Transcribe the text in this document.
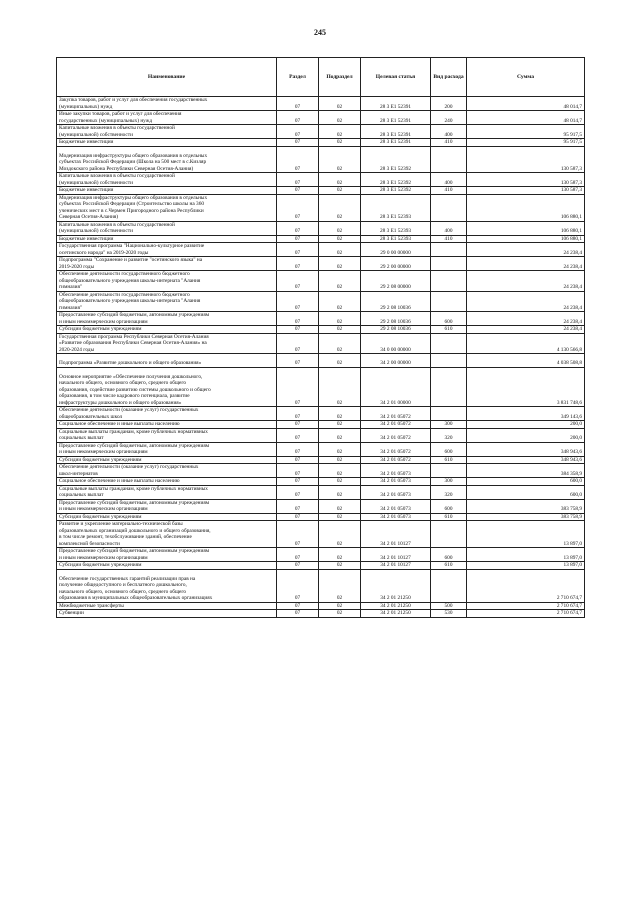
245
Наименование	Раздел	Подраздел	Целевая статья	Вид расхода	Сумма

Закупка товаров, работ и услуг для обеспечения государственных
(муниципальных) нужд	07	02	28 3 E1 52391	200	48 014,7

Иные закупки товаров, работ и услуг для обеспечения
государственных (муниципальных) нужд	07	02	28 3 E1 52391	240	48 014,7

Капитальные вложения в объекты государственной
(муниципальной) собственности	07	02	28 3 E1 52391	400	95 917,5

Бюджетные инвестиции	07	02	28 3 E1 52391	410	95 917,5

Модернизация инфраструктуры общего образования в отдельных
субъектах Российской Федерации (Школа на 500 мест в с.Кизляр
Моздокского района Республики Северная Осетия-Алания)	07	02	28 3 E1 52392		130 587,3

Капитальные вложения в объекты государственной
(муниципальной) собственности	07	02	28 3 E1 52392	400	130 587,3

Бюджетные инвестиции	07	02	28 3 E1 52392	410	130 587,3

Модернизация инфраструктуры общего образования в отдельных
субъектах Российской Федерации (Строительство школы на 360
ученических мест в с.Чермен Пригородного района Республики
Северная Осетия-Алания)	07	02	28 3 E1 52393		106 880,1

Капитальные вложения в объекты государственной
(муниципальной) собственности	07	02	28 3 E1 52393	400	106 880,1

Бюджетные инвестиции	07	02	28 3 E1 52393	410	106 880,1

Государственная программа "Национально-культурное развитие
осетинского народа" на 2019-2020 годы	07	02	29 0 00 00000		24 238,4

Подпрограмма "Сохранение и развитие "осетинского языка" на
2019-2020 годы	07	02	29 2 00 00000		24 238,4

Обеспечение деятельности государственного бюджетного
общеобразовательного учреждения школы-интерната "Алания
гимназия"	07	02	29 2 08 00000		24 238,4

Обеспечение деятельности государственного бюджетного
общеобразовательного учреждения школы-интерната "Алания
гимназия"	07	02	29 2 08 10036		24 238,4

Предоставление субсидий бюджетным, автономным учреждениям
и иным некоммерческим организациям	07	02	29 2 08 10036	600	24 238,4

Субсидии бюджетным учреждениям	07	02	29 2 08 10036	610	24 238,4

Государственная программа Республики Северная Осетия-Алания
«Развитие образования Республики Северная Осетия-Алания» на
2020-2024 годы	07	02	34 0 00 00000		4 130 566,8

Подпрограмма «Развитие дошкольного и общего образования»	07	02	34 2 00 00000		4 038 508,8

Основное мероприятие «Обеспечение получения дошкольного,
начального общего, основного общего, среднего общего
образования, содействие развитию системы дошкольного и общего
образования, в том числе кадрового потенциала, развитие
инфраструктуры дошкольного и общего образования»	07	02	34 2 01 00000		3 831 748,6

Обеспечение деятельности (оказание услуг) государственных
общеобразовательных школ	07	02	34 2 01 05072		349 143,6

Социальное обеспечение и иные выплаты населению	07	02	34 2 01 05072	300	200,0

Социальные выплаты гражданам, кроме публичных нормативных
социальных выплат	07	02	34 2 01 05072	320	200,0

Предоставление субсидий бюджетным, автономным учреждениям
и иным некоммерческим организациям	07	02	34 2 01 05072	600	348 943,6

Субсидии бюджетным учреждениям	07	02	34 2 01 05072	610	348 943,6

Обеспечение деятельности (оказание услуг) государственных
школ-интернатов	07	02	34 2 01 05073		384 358,9

Социальное обеспечение и иные выплаты населению	07	02	34 2 01 05073	300	600,0

Социальные выплаты гражданам, кроме публичных нормативных
социальных выплат	07	02	34 2 01 05073	320	600,0

Предоставление субсидий бюджетным, автономным учреждениям
и иным некоммерческим организациям	07	02	34 2 01 05073	600	383 758,9

Субсидии бюджетным учреждениям	07	02	34 2 01 05073	610	383 758,9

Развитие и укрепление материально-технической базы
образовательных организаций дошкольного и общего образования,
в том числе ремонт, техобслуживание зданий, обеспечение
комплексной безопасности	07	02	34 2 01 10127		13 897,0

Предоставление субсидий бюджетным, автономным учреждениям
и иным некоммерческим организациям	07	02	34 2 01 10127	600	13 897,0

Субсидии бюджетным учреждениям	07	02	34 2 01 10127	610	13 897,0

Обеспечение государственных гарантий реализации прав на
получение общедоступного и бесплатного дошкольного,
начального общего, основного общего, среднего общего
образования в муниципальных общеобразовательных организациях	07	02	34 2 01 21250		2 710 674,7

Межбюджетные трансферты	07	02	34 2 01 21250	500	2 710 674,7

Субвенции	07	02	34 2 01 21250	530	2 710 674,7
